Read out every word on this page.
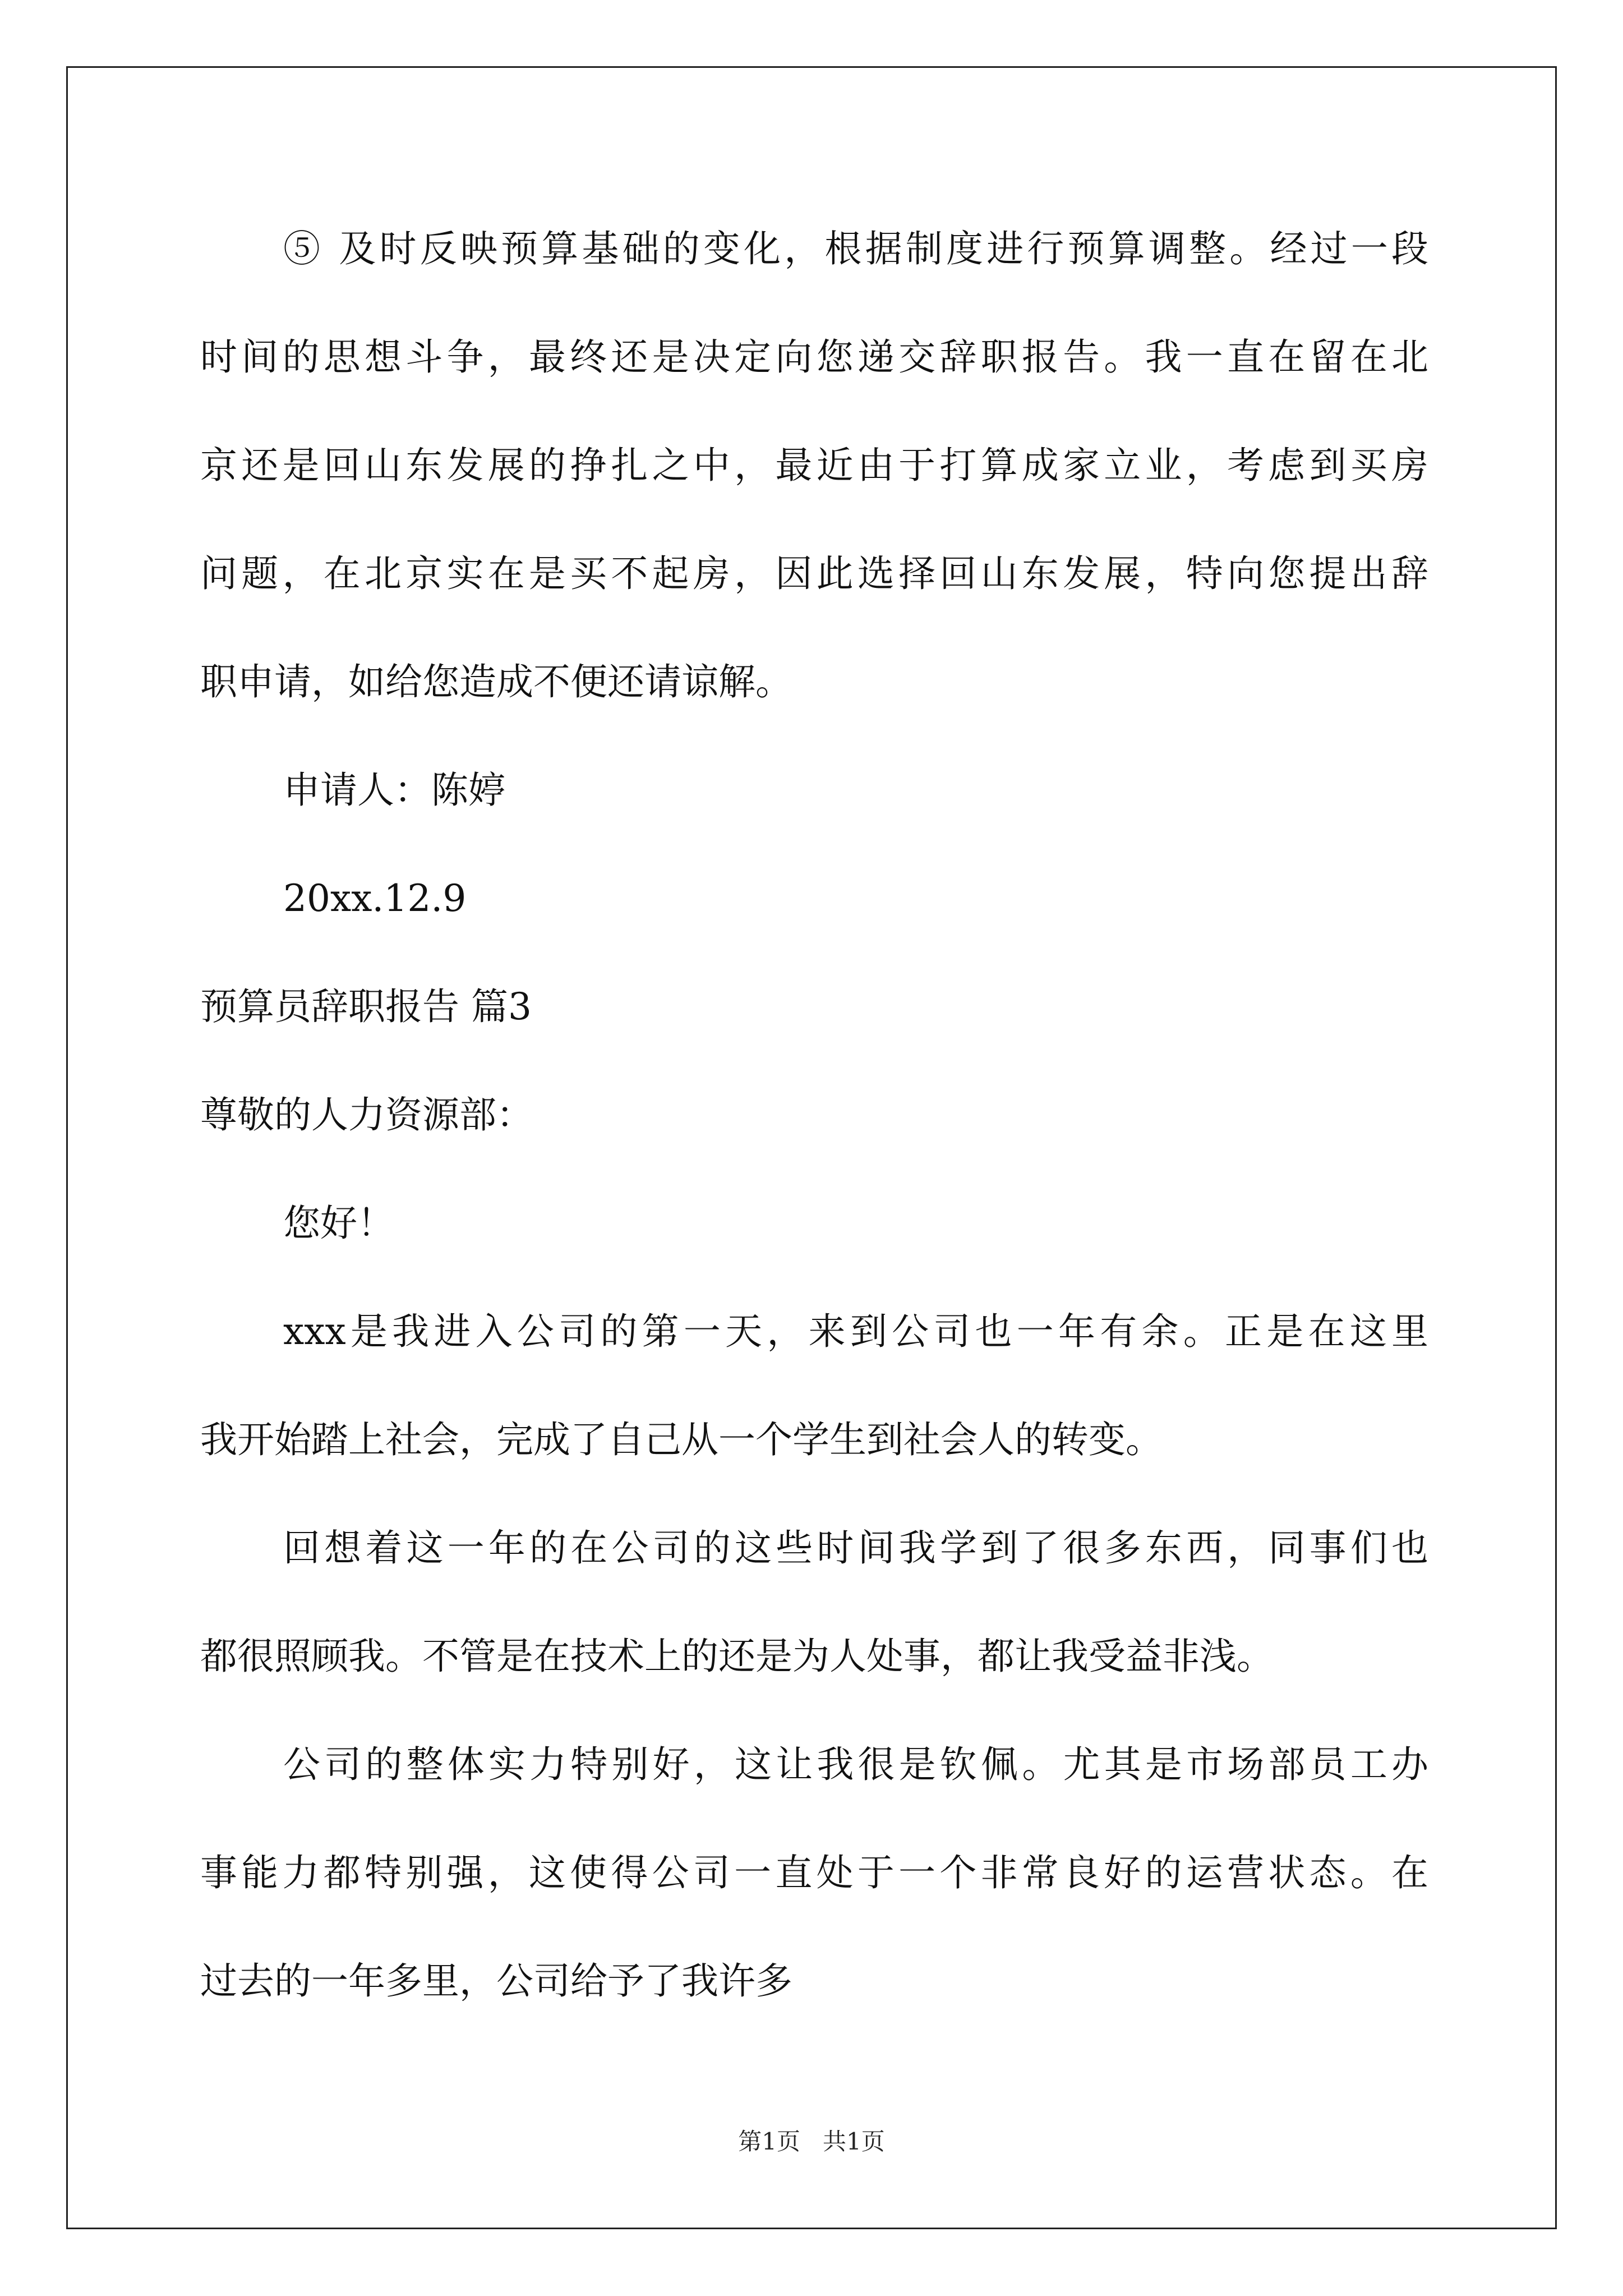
⑤ 及时反映预算基础的变化，根据制度进行预算调整。经过一段
时间的思想斗争，最终还是决定向您递交辞职报告。我一直在留在北
京还是回山东发展的挣扎之中，最近由于打算成家立业，考虑到买房
问题，在北京实在是买不起房，因此选择回山东发展，特向您提出辞
职申请，如给您造成不便还请谅解。
申请人：陈婷
20xx.12.9
预算员辞职报告 篇3
尊敬的人力资源部：
您好！
xxx是我进入公司的第一天，来到公司也一年有余。正是在这里
我开始踏上社会，完成了自己从一个学生到社会人的转变。
回想着这一年的在公司的这些时间我学到了很多东西，同事们也
都很照顾我。不管是在技术上的还是为人处事，都让我受益非浅。
公司的整体实力特别好，这让我很是钦佩。尤其是市场部员工办
事能力都特别强，这使得公司一直处于一个非常良好的运营状态。在
过去的一年多里，公司给予了我许多
第1页 共1页
